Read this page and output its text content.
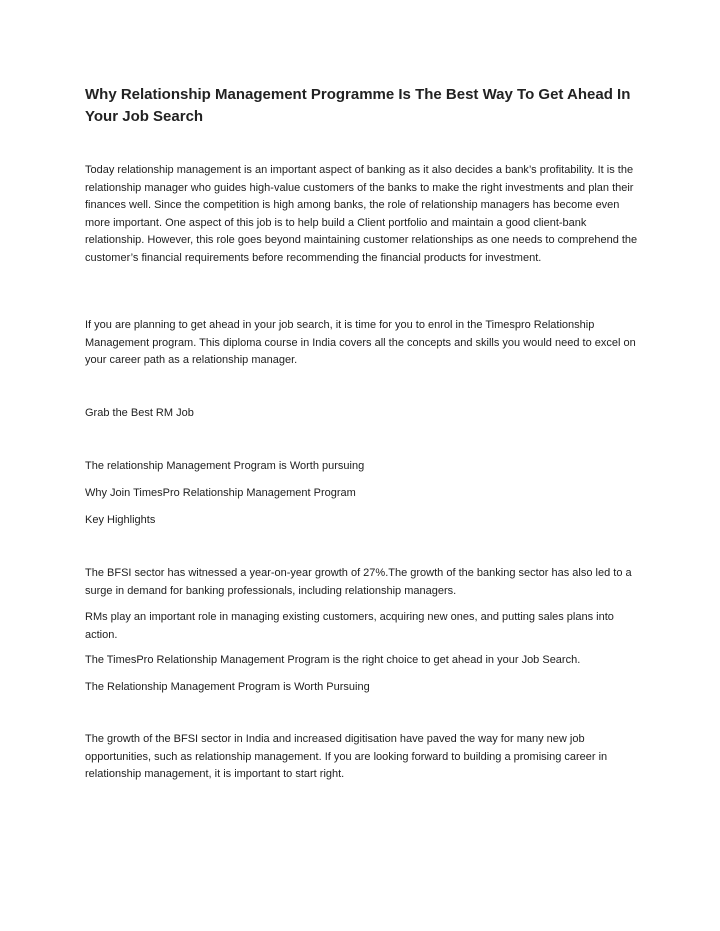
Why Relationship Management Programme Is The Best Way To Get Ahead In Your Job Search

Today relationship management is an important aspect of banking as it also decides a bank’s profitability. It is the relationship manager who guides high-value customers of the banks to make the right investments and plan their finances well. Since the competition is high among banks, the role of relationship managers has become even more important. One aspect of this job is to help build a Client portfolio and maintain a good client-bank relationship. However, this role goes beyond maintaining customer relationships as one needs to comprehend the customer’s financial requirements before recommending the financial products for investment.

If you are planning to get ahead in your job search, it is time for you to enrol in the Timespro Relationship Management program. This diploma course in India covers all the concepts and skills you would need to excel on your career path as a relationship manager.

Grab the Best RM Job

The relationship Management Program is Worth pursuing

Why Join TimesPro Relationship Management Program

Key Highlights

The BFSI sector has witnessed a year-on-year growth of 27%.The growth of the banking sector has also led to a surge in demand for banking professionals, including relationship managers.

RMs play an important role in managing existing customers, acquiring new ones, and putting sales plans into action.

The TimesPro Relationship Management Program is the right choice to get ahead in your Job Search.

The Relationship Management Program is Worth Pursuing

The growth of the BFSI sector in India and increased digitisation have paved the way for many new job opportunities, such as relationship management. If you are looking forward to building a promising career in relationship management, it is important to start right.
